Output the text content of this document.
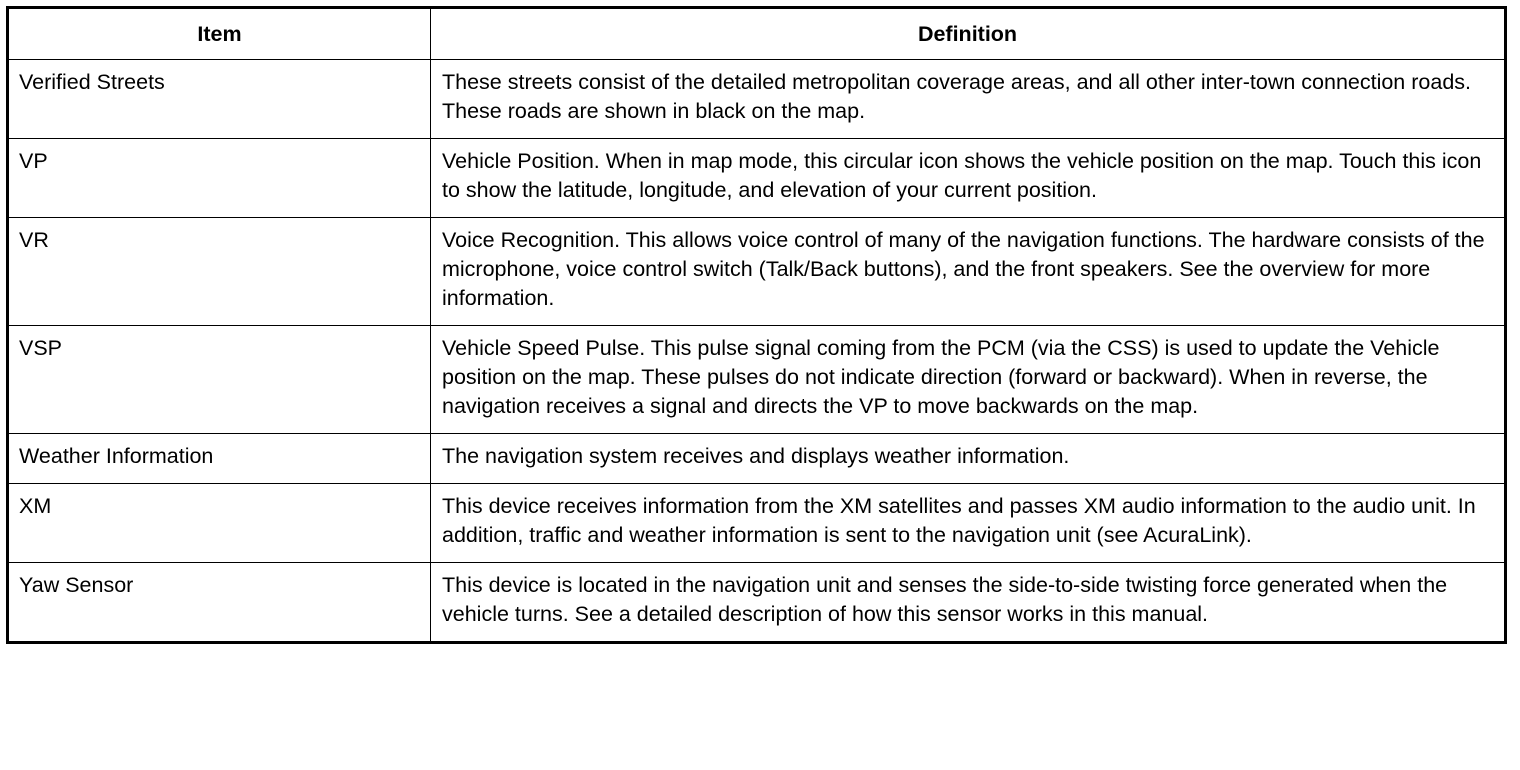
Item	Definition
Verified Streets	These streets consist of the detailed metropolitan coverage areas, and all other inter-town connection roads. These roads are shown in black on the map.
VP	Vehicle Position. When in map mode, this circular icon shows the vehicle position on the map. Touch this icon to show the latitude, longitude, and elevation of your current position.
VR	Voice Recognition. This allows voice control of many of the navigation functions. The hardware consists of the microphone, voice control switch (Talk/Back buttons), and the front speakers. See the overview for more information.
VSP	Vehicle Speed Pulse. This pulse signal coming from the PCM (via the CSS) is used to update the Vehicle position on the map. These pulses do not indicate direction (forward or backward). When in reverse, the navigation receives a signal and directs the VP to move backwards on the map.
Weather Information	The navigation system receives and displays weather information.
XM	This device receives information from the XM satellites and passes XM audio information to the audio unit. In addition, traffic and weather information is sent to the navigation unit (see AcuraLink).
Yaw Sensor	This device is located in the navigation unit and senses the side-to-side twisting force generated when the vehicle turns. See a detailed description of how this sensor works in this manual.
